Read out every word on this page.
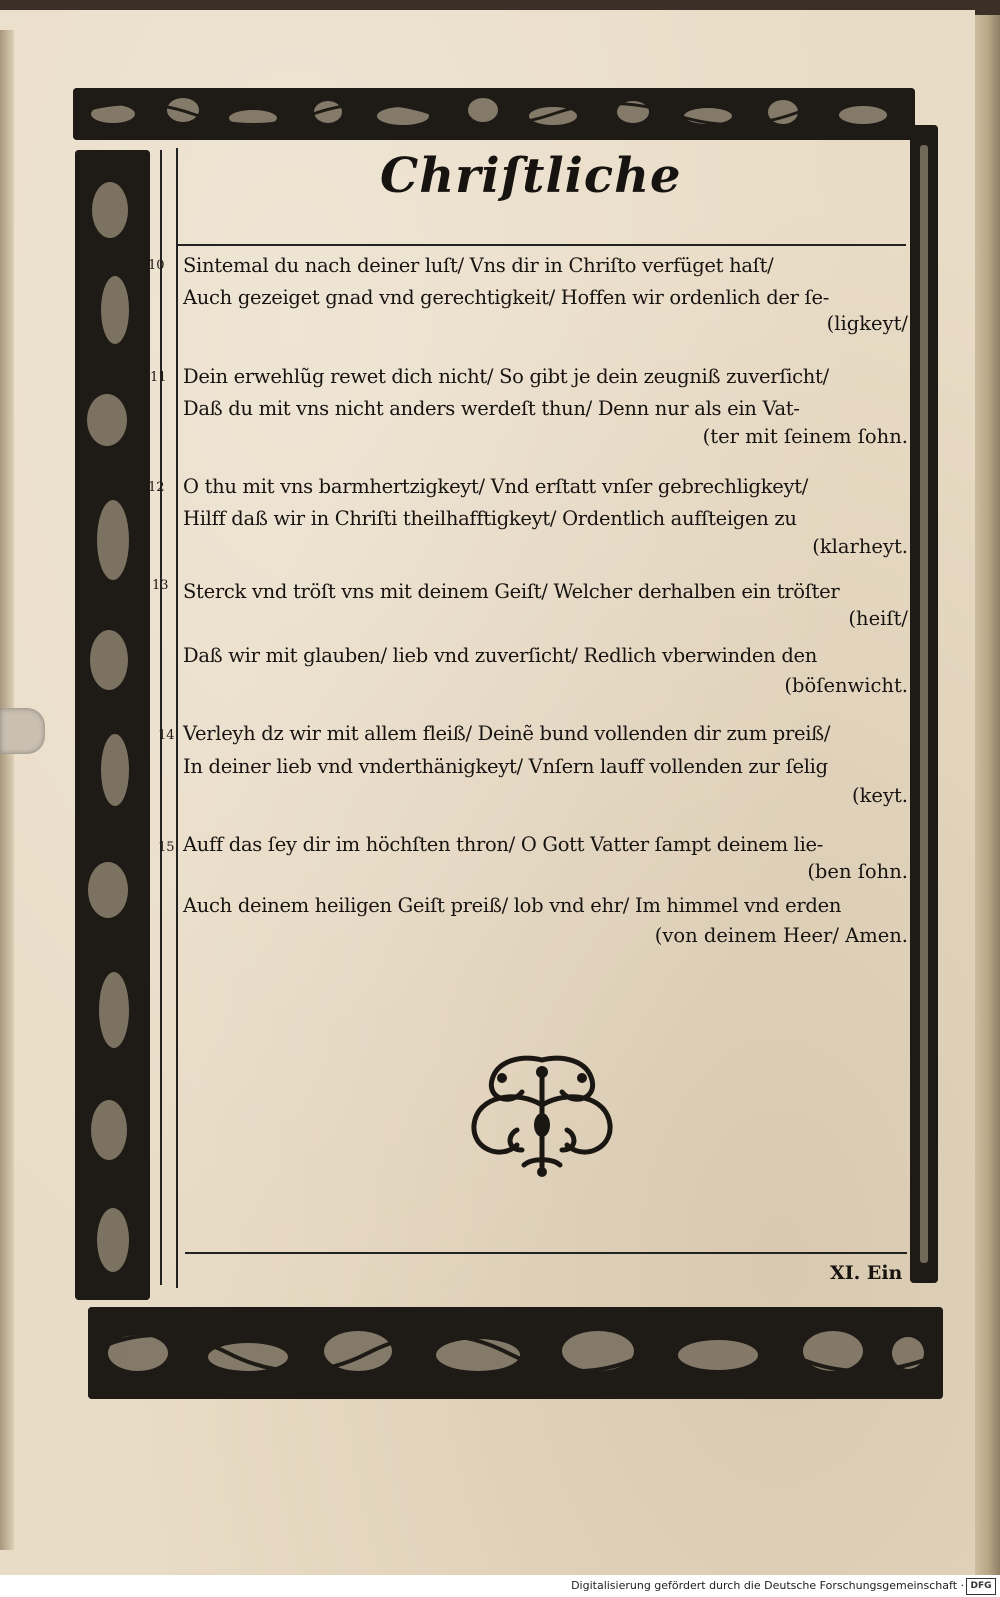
Chriſtliche
10 Sintemal du nach deiner luſt/ Vns dir in Chriſto verfüget haſt/
Auch gezeiget gnad vnd gerechtigkeit/ Hoffen wir ordenlich der ſe-
(ligkeyt/
11 Dein erwehlũg rewet dich nicht/ So gibt je dein zeugniß zuverſicht/
Daß du mit vns nicht anders werdeſt thun/ Denn nur als ein Vat-
(ter mit ſeinem ſohn.
12 O thu mit vns barmhertzigkeyt/ Vnd erſtatt vnſer gebrechligkeyt/
Hilff daß wir in Chriſti theilhafftigkeyt/ Ordentlich aufſteigen zu
(klarheyt.
13 Sterck vnd tröſt vns mit deinem Geiſt/ Welcher derhalben ein tröſter
(heiſt/
Daß wir mit glauben/ lieb vnd zuverſicht/ Redlich vberwinden den
(böſenwicht.
14 Verleyh dz wir mit allem fleiß/ Deinẽ bund vollenden dir zum preiß/
In deiner lieb vnd vnderthänigkeyt/ Vnſern lauff vollenden zur ſelig
(keyt.
15 Auff das ſey dir im höchſten thron/ O Gott Vatter ſampt deinem lie-
(ben ſohn.
Auch deinem heiligen Geiſt preiß/ lob vnd ehr/ Im himmel vnd erden
(von deinem Heer/ Amen.
XI. Ein
Digitalisierung gefördert durch die Deutsche Forschungsgemeinschaft · DFG
